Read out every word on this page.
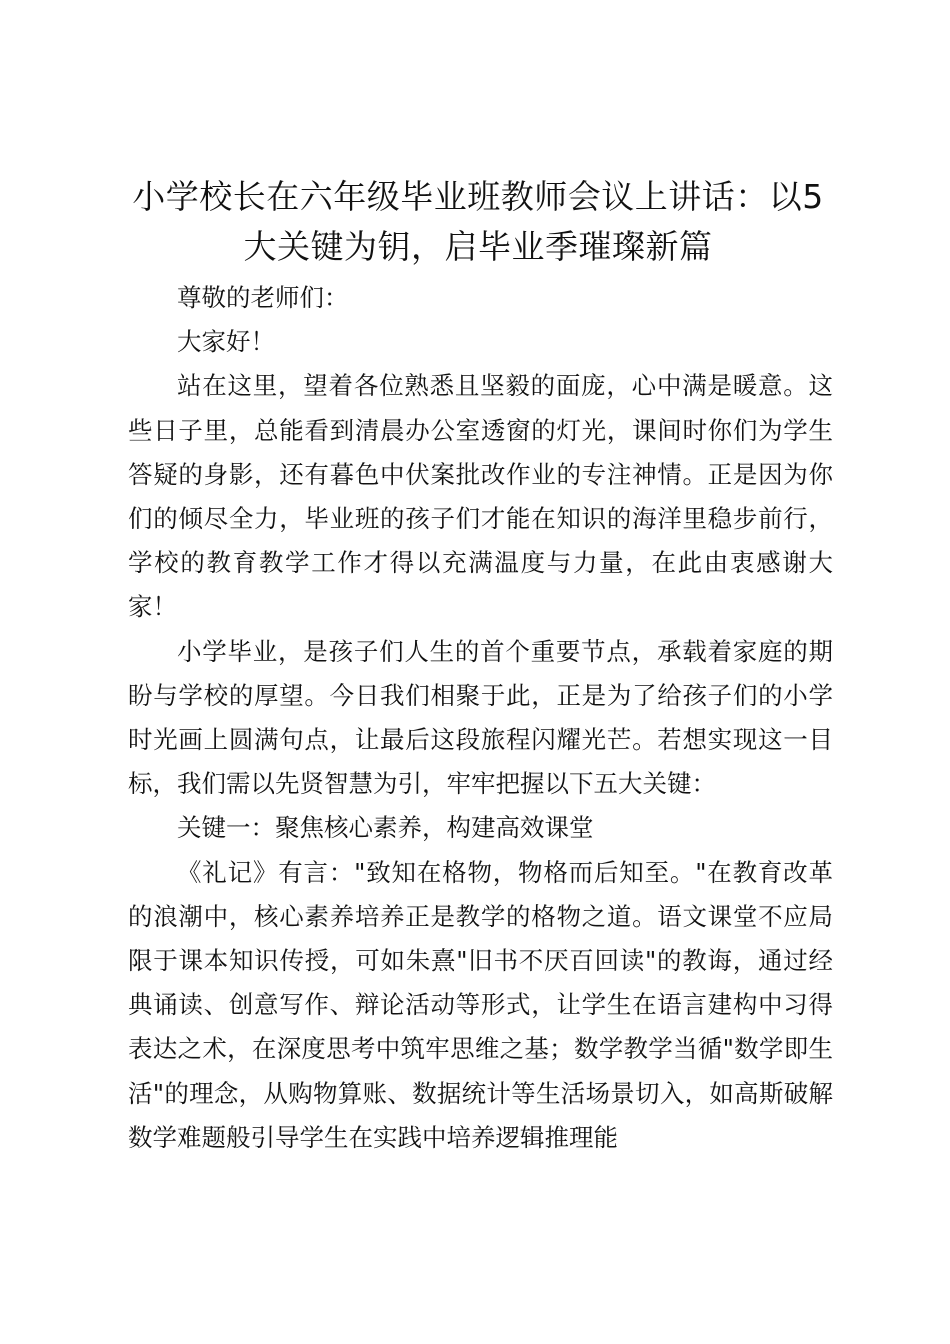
小学校长在六年级毕业班教师会议上讲话：以5大关键为钥，启毕业季璀璨新篇

尊敬的老师们：

大家好！

站在这里，望着各位熟悉且坚毅的面庞，心中满是暖意。这些日子里，总能看到清晨办公室透窗的灯光，课间时你们为学生答疑的身影，还有暮色中伏案批改作业的专注神情。正是因为你们的倾尽全力，毕业班的孩子们才能在知识的海洋里稳步前行，学校的教育教学工作才得以充满温度与力量，在此由衷感谢大家！

小学毕业，是孩子们人生的首个重要节点，承载着家庭的期盼与学校的厚望。今日我们相聚于此，正是为了给孩子们的小学时光画上圆满句点，让最后这段旅程闪耀光芒。若想实现这一目标，我们需以先贤智慧为引，牢牢把握以下五大关键：

关键一：聚焦核心素养，构建高效课堂

《礼记》有言："致知在格物，物格而后知至。"在教育改革的浪潮中，核心素养培养正是教学的格物之道。语文课堂不应局限于课本知识传授，可如朱熹"旧书不厌百回读"的教诲，通过经典诵读、创意写作、辩论活动等形式，让学生在语言建构中习得表达之术，在深度思考中筑牢思维之基；数学教学当循"数学即生活"的理念，从购物算账、数据统计等生活场景切入，如高斯破解数学难题般引导学生在实践中培养逻辑推理能
